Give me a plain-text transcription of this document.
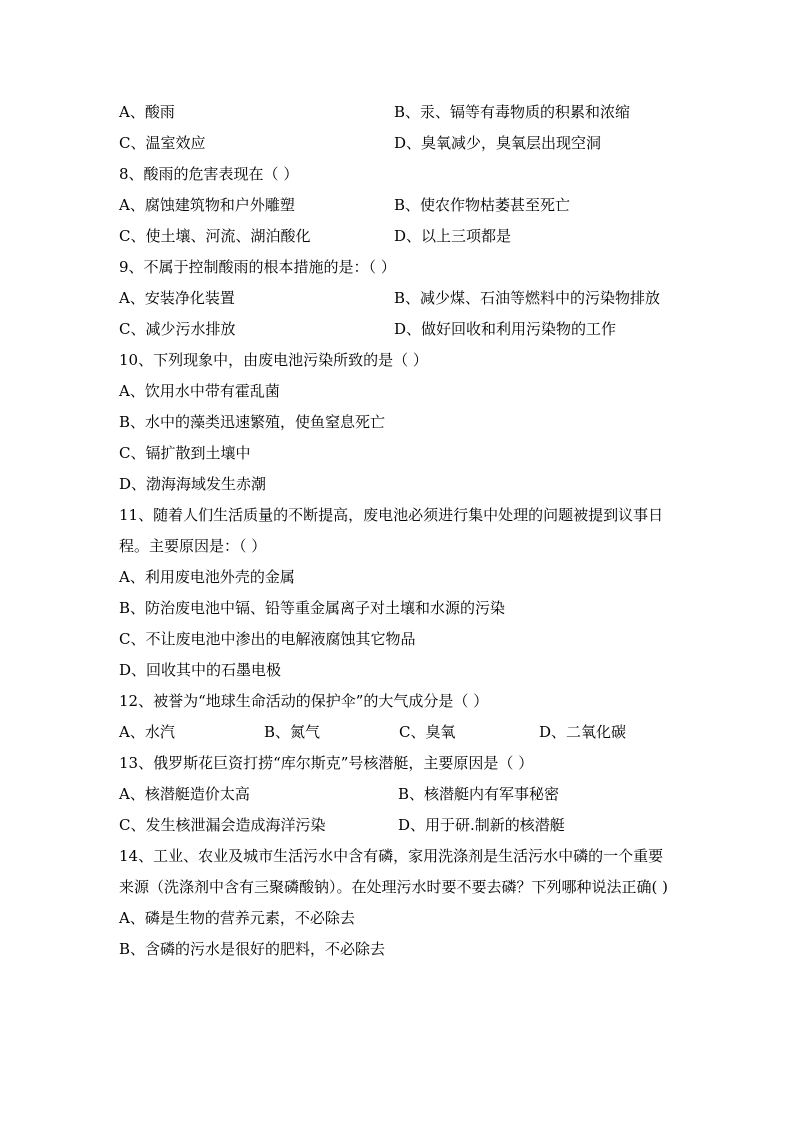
A、酸雨	B、汞、镉等有毒物质的积累和浓缩
C、温室效应	D、臭氧减少，臭氧层出现空洞
8、酸雨的危害表现在（ ）
A、腐蚀建筑物和户外雕塑	B、使农作物枯萎甚至死亡
C、使土壤、河流、湖泊酸化	D、以上三项都是
9、不属于控制酸雨的根本措施的是：（ ）
A、安装净化装置	B、减少煤、石油等燃料中的污染物排放
C、减少污水排放	D、做好回收和利用污染物的工作
10、下列现象中，由废电池污染所致的是（ ）
A、饮用水中带有霍乱菌
B、水中的藻类迅速繁殖，使鱼窒息死亡
C、镉扩散到土壤中
D、渤海海域发生赤潮
11、随着人们生活质量的不断提高，废电池必须进行集中处理的问题被提到议事日程。主要原因是：（ ）
A、利用废电池外壳的金属
B、防治废电池中镉、铅等重金属离子对土壤和水源的污染
C、不让废电池中渗出的电解液腐蚀其它物品
D、回收其中的石墨电极
12、被誉为“地球生命活动的保护伞”的大气成分是（ ）
A、水汽	B、氮气	C、臭氧	D、二氧化碳
13、俄罗斯花巨资打捞“库尔斯克”号核潜艇，主要原因是（ ）
A、核潜艇造价太高	B、核潜艇内有军事秘密
C、发生核泄漏会造成海洋污染	D、用于研.制新的核潜艇
14、工业、农业及城市生活污水中含有磷，家用洗涤剂是生活污水中磷的一个重要来源（洗涤剂中含有三聚磷酸钠）。在处理污水时要不要去磷？下列哪种说法正确( )
A、磷是生物的营养元素，不必除去
B、含磷的污水是很好的肥料，不必除去
